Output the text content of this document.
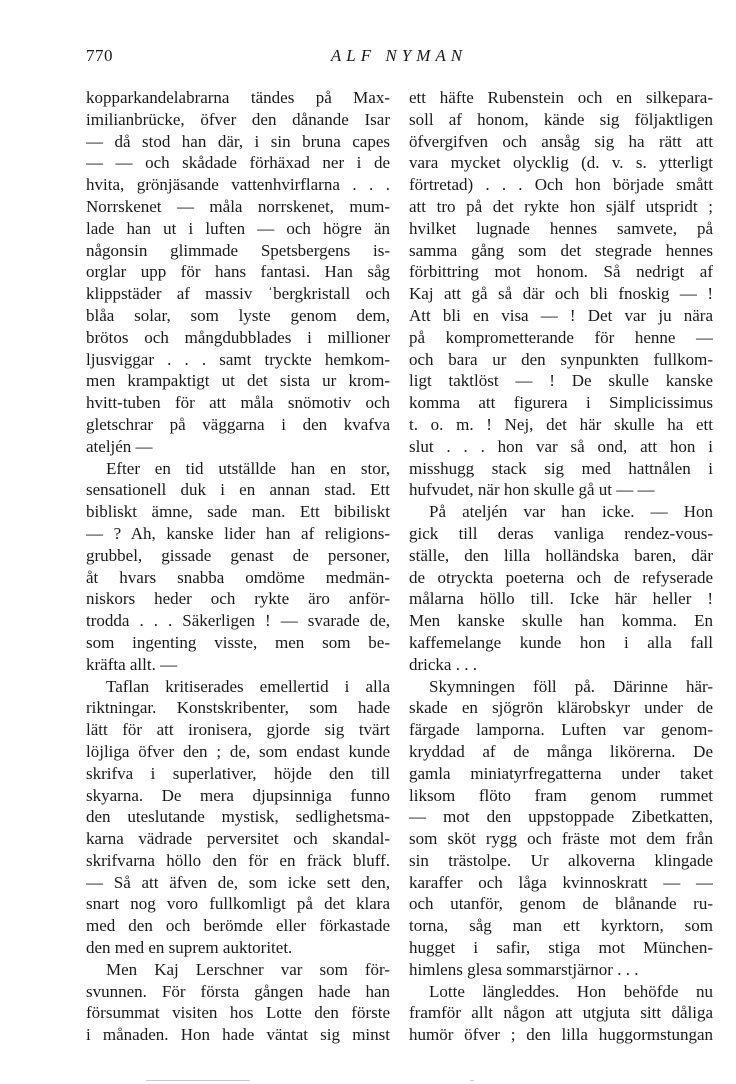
770	ALF NYMAN
kopparkandelabrarna tändes på Max-
imilianbrücke, öfver den dånande Isar
— då stod han där, i sin bruna capes
— — och skådade förhäxad ner i de
hvita, grönjäsande vattenhvirflarna . . .
Norrskenet — måla norrskenet, mum-
lade han ut i luften — och högre än
någonsin glimmade Spetsbergens is-
orglar upp för hans fantasi. Han såg
klippstäder af massiv ˈbergkristall och
blåa solar, som lyste genom dem,
brötos och mångdubblades i millioner
ljusviggar . . . samt tryckte hemkom-
men krampaktigt ut det sista ur krom-
hvitt-tuben för att måla snömotiv och
gletschrar på väggarna i den kvafva
ateljén —
Efter en tid utställde han en stor,
sensationell duk i en annan stad. Ett
bibliskt ämne, sade man. Ett bibiliskt
— ? Ah, kanske lider han af religions-
grubbel, gissade genast de personer,
åt hvars snabba omdöme medmän-
niskors heder och rykte äro anför-
trodda . . . Säkerligen ! — svarade de,
som ingenting visste, men som be-
kräfta allt. —
Taflan kritiserades emellertid i alla
riktningar. Konstskribenter, som hade
lätt för att ironisera, gjorde sig tvärt
löjliga öfver den ; de, som endast kunde
skrifva i superlativer, höjde den till
skyarna. De mera djupsinniga funno
den uteslutande mystisk, sedlighetsma-
karna vädrade perversitet och skandal-
skrifvarna höllo den för en fräck bluff.
— Så att äfven de, som icke sett den,
snart nog voro fullkomligt på det klara
med den och berömde eller förkastade
den med en suprem auktoritet.
Men Kaj Lerschner var som för-
svunnen. För första gången hade han
försummat visiten hos Lotte den förste
i månaden. Hon hade väntat sig minst
ett häfte Rubenstein och en silkepara-
soll af honom, kände sig följaktligen
öfvergifven och ansåg sig ha rätt att
vara mycket olycklig (d. v. s. ytterligt
förtretad) . . . Och hon började smått
att tro på det rykte hon själf utspridt ;
hvilket lugnade hennes samvete, på
samma gång som det stegrade hennes
förbittring mot honom. Så nedrigt af
Kaj att gå så där och bli fnoskig — !
Att bli en visa — ! Det var ju nära
på komprometterande för henne —
och bara ur den synpunkten fullkom-
ligt taktlöst — ! De skulle kanske
komma att figurera i Simplicissimus
t. o. m. ! Nej, det här skulle ha ett
slut . . . hon var så ond, att hon i
misshugg stack sig med hattnålen i
hufvudet, när hon skulle gå ut — —
På ateljén var han icke. — Hon
gick till deras vanliga rendez-vous-
ställe, den lilla holländska baren, där
de otryckta poeterna och de refyserade
målarna höllo till. Icke här heller !
Men kanske skulle han komma. En
kaffemelange kunde hon i alla fall
dricka . . .
Skymningen föll på. Därinne här-
skade en sjögrön klärobskyr under de
färgade lamporna. Luften var genom-
kryddad af de många likörerna. De
gamla miniatyrfregatterna under taket
liksom flöto fram genom rummet
— mot den uppstoppade Zibetkatten,
som sköt rygg och fräste mot dem från
sin trästolpe. Ur alkoverna klingade
karaffer och låga kvinnoskratt — —
och utanför, genom de blånande ru-
torna, såg man ett kyrktorn, som
hugget i safir, stiga mot München-
himlens glesa sommarstjärnor . . .
Lotte längleddes. Hon behöfde nu
framför allt någon att utgjuta sitt dåliga
humör öfver ; den lilla huggormstungan
